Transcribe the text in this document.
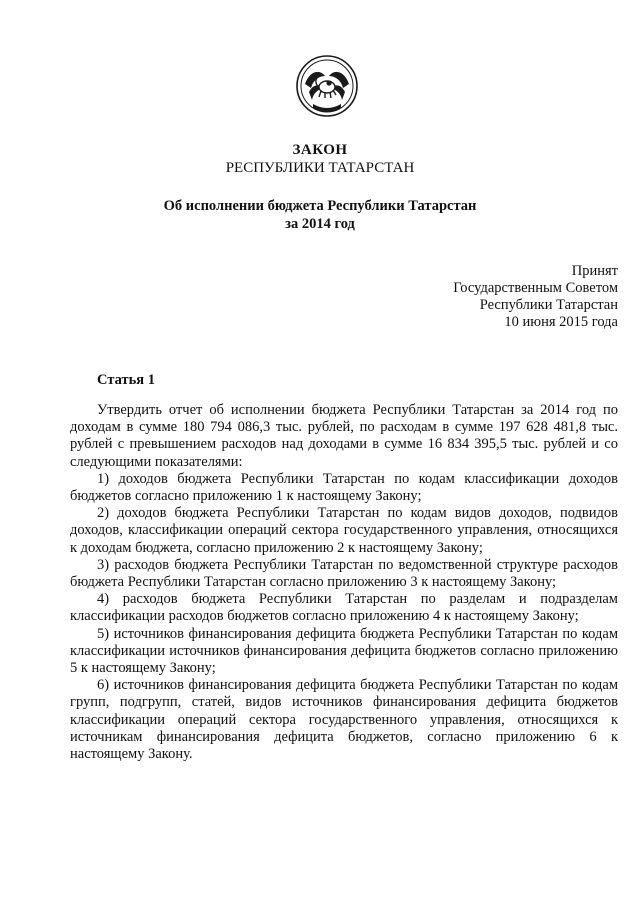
ЗАКОН
РЕСПУБЛИКИ ТАТАРСТАН
Об исполнении бюджета Республики Татарстан
за 2014 год
Принят
Государственным Советом
Республики Татарстан
10 июня 2015 года
Статья 1

Утвердить отчет об исполнении бюджета Республики Татарстан за 2014 год по доходам в сумме 180 794 086,3 тыс. рублей, по расходам в сумме 197 628 481,8 тыс. рублей с превышением расходов над доходами в сумме 16 834 395,5 тыс. рублей и со следующими показателями:

1) доходов бюджета Республики Татарстан по кодам классификации доходов бюджетов согласно приложению 1 к настоящему Закону;

2) доходов бюджета Республики Татарстан по кодам видов доходов, подвидов доходов, классификации операций сектора государственного управления, относящихся к доходам бюджета, согласно приложению 2 к настоящему Закону;

3) расходов бюджета Республики Татарстан по ведомственной структуре расходов бюджета Республики Татарстан согласно приложению 3 к настоящему Закону;

4) расходов бюджета Республики Татарстан по разделам и подразделам классификации расходов бюджетов согласно приложению 4 к настоящему Закону;

5) источников финансирования дефицита бюджета Республики Татарстан по кодам классификации источников финансирования дефицита бюджетов согласно приложению 5 к настоящему Закону;

6) источников финансирования дефицита бюджета Республики Татарстан по кодам групп, подгрупп, статей, видов источников финансирования дефицита бюджетов классификации операций сектора государственного управления, относящихся к источникам финансирования дефицита бюджетов, согласно приложению 6 к настоящему Закону.
